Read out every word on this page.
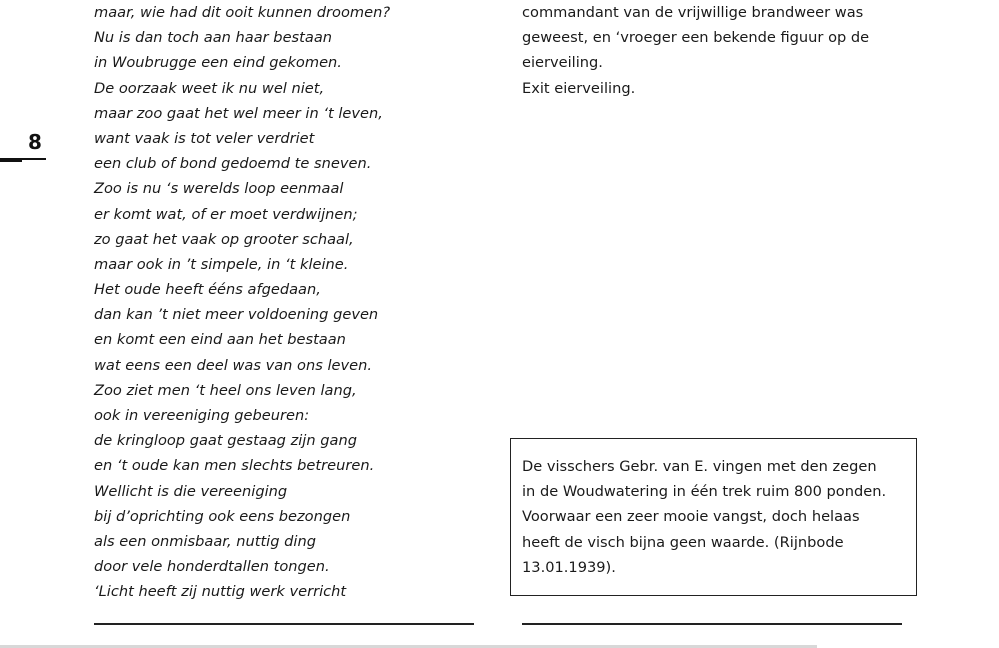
8
maar, wie had dit ooit kunnen droomen?
Nu is dan toch aan haar bestaan
in Woubrugge een eind gekomen.
De oorzaak weet ik nu wel niet,
maar zoo gaat het wel meer in ‘t leven,
want vaak is tot veler verdriet
een club of bond gedoemd te sneven.
Zoo is nu ‘s werelds loop eenmaal
er komt wat, of er moet verdwijnen;
zo gaat het vaak op grooter schaal,
maar ook in ’t simpele, in ‘t kleine.
Het oude heeft ééns afgedaan,
dan kan ’t niet meer voldoening geven
en komt een eind aan het bestaan
wat eens een deel was van ons leven.
Zoo ziet men ‘t heel ons leven lang,
ook in vereeniging gebeuren:
de kringloop gaat gestaag zijn gang
en ‘t oude kan men slechts betreuren.
Wellicht is die vereeniging
bij d’oprichting ook eens bezongen
als een onmisbaar, nuttig ding
door vele honderdtallen tongen.
‘Licht heeft zij nuttig werk verricht
commandant van de vrijwillige brandweer was
geweest, en ‘vroeger een bekende figuur op de
eierveiling.
Exit eierveiling.
De visschers Gebr. van E. vingen met den zegen
in de Woudwatering in één trek ruim 800 ponden.
Voorwaar een zeer mooie vangst, doch helaas
heeft de visch bijna geen waarde. (Rijnbode
13.01.1939).
